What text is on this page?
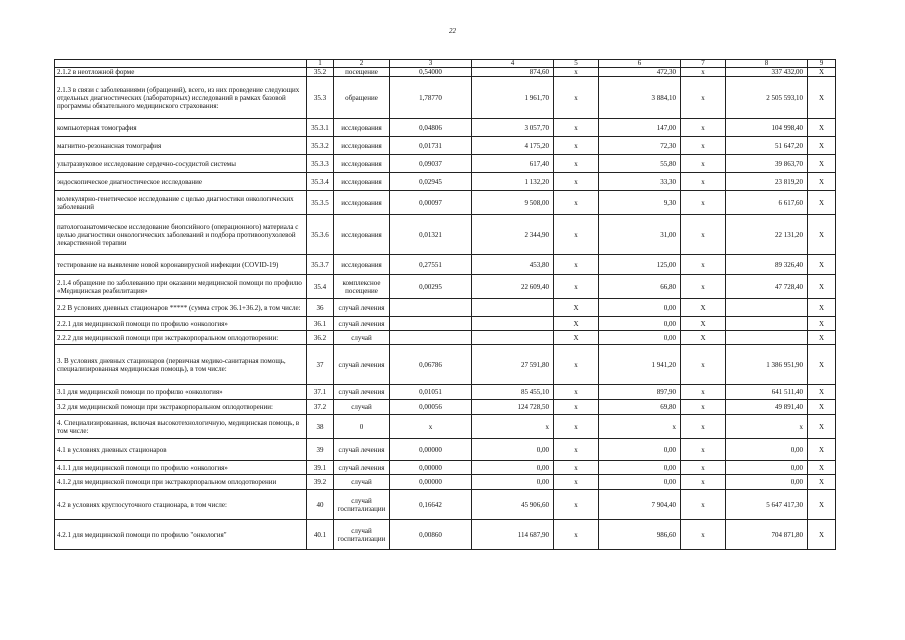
22
	1	2	3	4	5	6	7	8	9
2.1.2 в неотложной форме	35.2	посещение	0,54000	874,60	х	472,30	х	337 432,00	X
2.1.3 в связи с заболеваниями (обращений), всего, из них проведение следующих отдельных диагностических (лабораторных) исследований в рамках базовой программы обязательного медицинского страхования:	35.3	обращение	1,78770	1 961,70	х	3 884,10	х	2 505 593,10	X
компьютерная томография	35.3.1	исследования	0,04806	3 057,70	х	147,00	х	104 998,40	X
магнитно-резонансная томография	35.3.2	исследования	0,01731	4 175,20	х	72,30	х	51 647,20	X
ультразвуковое исследование сердечно-сосудистой системы	35.3.3	исследования	0,09037	617,40	х	55,80	х	39 863,70	X
эндоскопическое диагностическое исследование	35.3.4	исследования	0,02945	1 132,20	х	33,30	х	23 819,20	X
молекулярно-генетическое исследование с целью диагностики онкологических заболеваний	35.3.5	исследования	0,00097	9 508,00	х	9,30	х	6 617,60	X
патологоанатомическое исследование биопсийного (операционного) материала с целью диагностики онкологических заболеваний и подбора противоопухолевой лекарственной терапии	35.3.6	исследования	0,01321	2 344,90	х	31,00	х	22 131,20	X
тестирование на выявление новой коронавирусной инфекции (COVID-19)	35.3.7	исследования	0,27551	453,80	х	125,00	х	89 326,40	X
2.1.4 обращение по заболеванию при оказании медицинской помощи по профилю «Медицинская реабилитация»	35.4	комплексное посещение	0,00295	22 609,40	х	66,80	х	47 728,40	X
2.2 В условиях дневных стационаров ***** (сумма строк 36.1+36.2), в том числе:	36	случай лечения			X	0,00	X		X
2.2.1 для медицинской помощи по профилю «онкология»	36.1	случай лечения			X	0,00	X		X
2.2.2 для медицинской помощи при экстракорпоральном оплодотворении:	36.2	случай			X	0,00	X		X
3. В условиях дневных стационаров (первичная медико-санитарная помощь, специализированная медицинская помощь), в том числе:	37	случай лечения	0,06786	27 591,80	х	1 941,20	х	1 386 951,90	X
3.1 для медицинской помощи по профилю «онкология»	37.1	случай лечения	0,01051	85 455,10	х	897,90	х	641 511,40	X
3.2 для медицинской помощи при экстракорпоральном оплодотворении:	37.2	случай	0,00056	124 728,50	х	69,80	х	49 891,40	X
4. Специализированная, включая высокотехнологичную, медицинская помощь, в том числе:	38	0	х	х	х	х	х	х	X
4.1 в условиях дневных стационаров	39	случай лечения	0,00000	0,00	х	0,00	х	0,00	X
4.1.1 для медицинской помощи по профилю «онкология»	39.1	случай лечения	0,00000	0,00	х	0,00	х	0,00	X
4.1.2 для медицинской помощи при экстракорпоральном оплодотворении	39.2	случай	0,00000	0,00	х	0,00	х	0,00	X
4.2 в условиях круглосуточного стационара, в том числе:	40	случай госпитализации	0,16642	45 906,60	х	7 904,40	х	5 647 417,30	X
4.2.1 для медицинской помощи по профилю "онкология"	40.1	случай госпитализации	0,00860	114 687,90	х	986,60	х	704 871,80	X
